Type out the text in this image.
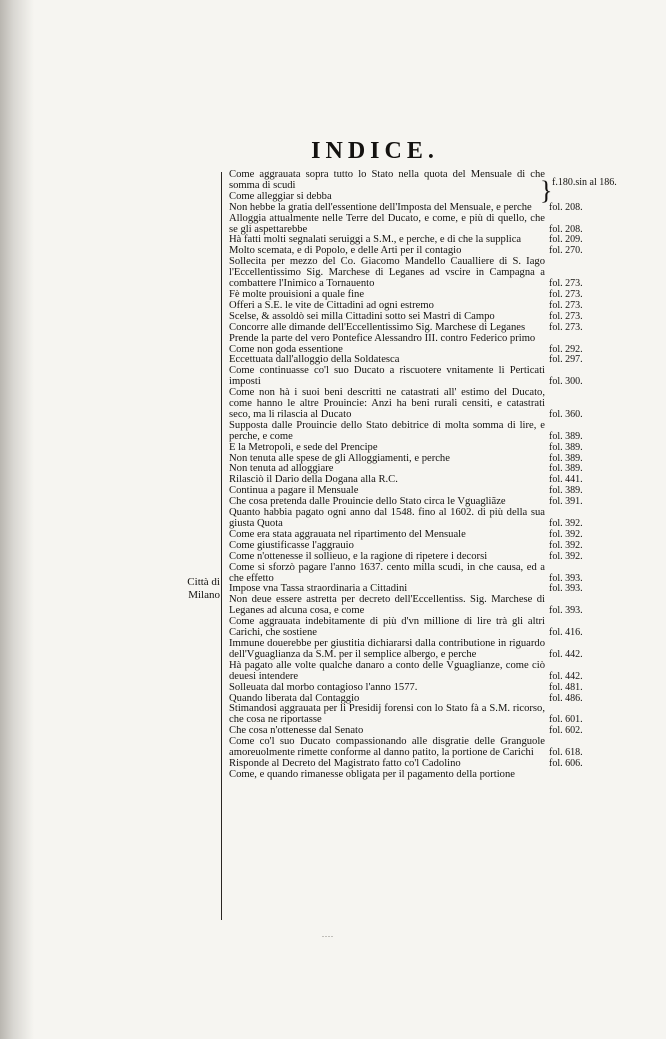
INDICE.
Città di
Milano
} f.180.sin al 186.
Come aggrauata sopra tutto lo Stato nella quota del Mensuale di che somma di scudi
Come alleggiar si debba
Non hebbe la gratia dell'essentione dell'Imposta del Mensuale, e perche fol. 208.
Alloggia attualmente nelle Terre del Ducato, e come, e più di quello, che se gli aspettarebbe	fol. 208.
Hà fatti molti segnalati seruiggi a S.M., e perche, e di che la supplica	fol. 209.
Molto scemata, e di Popolo, e delle Arti per il contagio	fol. 270.
Sollecita per mezzo del Co. Giacomo Mandello Caualliere di S. Iago l'Eccellentissimo Sig. Marchese di Leganes ad vscire in Campagna a combattere l'Inimico a Tornauento	fol. 273.
Fè molte prouisioni a quale fine	fol. 273.
Offeri a S.E. le vite de Cittadini ad ogni estremo	fol. 273.
Scelse, & assoldò sei milla Cittadini sotto sei Mastri di Campo	fol. 273.
Concorre alle dimande dell'Eccellentissimo Sig. Marchese di Leganes fol. 273.
Prende la parte del vero Pontefice Alessandro III. contro Federico primo
Come non goda essentione	fol. 292.
Eccettuata dall'alloggio della Soldatesca	fol. 297.
Come continuasse co'l suo Ducato a riscuotere vnitamente li Perticati imposti	fol. 300.
Come non hà i suoi beni descritti ne catastrati all' estimo del Ducato, come hanno le altre Prouincie: Anzi ha beni rurali censiti, e catastrati seco, ma li rilascia al Ducato	fol. 360.
Supposta dalle Prouincie dello Stato debitrice di molta somma di lire, e perche, e come	fol. 389.
E la Metropoli, e sede del Prencipe	fol. 389.
Non tenuta alle spese de gli Alloggiamenti, e perche	fol. 389.
Non tenuta ad alloggiare	fol. 389.
Rilasciò il Dario della Dogana alla R.C.	fol. 441.
Continua a pagare il Mensuale	fol. 389.
Che cosa pretenda dalle Prouincie dello Stato circa le Vguagliãze	fol. 391.
Quanto habbia pagato ogni anno dal 1548. fino al 1602. di più della sua giusta Quota	fol. 392.
Come era stata aggrauata nel ripartimento del Mensuale	fol. 392.
Come giustificasse l'aggrauio	fol. 392.
Come n'ottenesse il sollieuo, e la ragione di ripetere i decorsi	fol. 392.
Come si sforzò pagare l'anno 1637. cento milla scudi, in che causa, ed a che effetto	fol. 393.
Impose vna Tassa straordinaria a Cittadini	fol. 393.
Non deue essere astretta per decreto dell'Eccellentiss. Sig. Marchese di Leganes ad alcuna cosa, e come	fol. 393.
Come aggrauata indebitamente di più d'vn millione di lire trà gli altri Carichi, che sostiene	fol. 416.
Immune douerebbe per giustitia dichiararsi dalla contributione in riguardo dell'Vguaglianza da S.M. per il semplice albergo, e perche	fol. 442.
Hà pagato alle volte qualche danaro a conto delle Vguaglianze, come ciò deuesi intendere	fol. 442.
Solleuata dal morbo contagioso l'anno 1577.	fol. 481.
Quando liberata dal Contaggio	fol. 486.
Stimandosi aggrauata per li Presidij forensi con lo Stato fà a S.M. ricorso, che cosa ne riportasse	fol. 601.
Che cosa n'ottenesse dal Senato	fol. 602.
Come co'l suo Ducato compassionando alle disgratie delle Granguole amoreuolmente rimette conforme al danno patito, la portione de Carichi fol. 618.
Risponde al Decreto del Magistrato fatto co'l Cadolino	fol. 606.
Come, e quando rimanesse obligata per il pagamento della portione
....
